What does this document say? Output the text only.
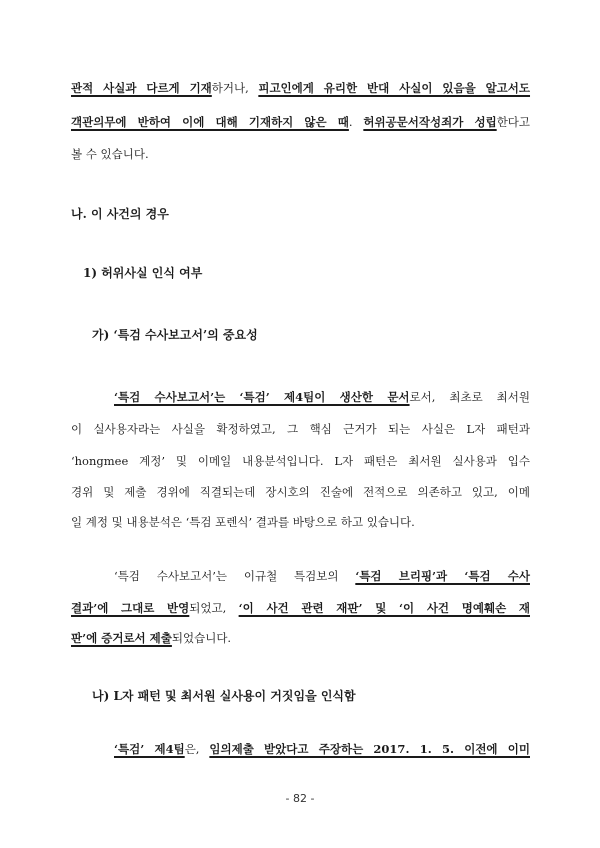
관적 사실과 다르게 기재하거나, 피고인에게 유리한 반대 사실이 있음을 알고서도
객관의무에 반하여 이에 대해 기재하지 않은 때. 허위공문서작성죄가 성립한다고
볼 수 있습니다.
나. 이 사건의 경우
1) 허위사실 인식 여부
가) ‘특검 수사보고서’의 중요성
‘특검 수사보고서’는 ‘특검’ 제4팀이 생산한 문서로서, 최초로 최서원
이 실사용자라는 사실을 확정하였고, 그 핵심 근거가 되는 사실은 L자 패턴과
‘hongmee 계정’ 및 이메일 내용분석입니다. L자 패턴은 최서원 실사용과 입수
경위 및 제출 경위에 직결되는데 장시호의 진술에 전적으로 의존하고 있고, 이메
일 계정 및 내용분석은 ‘특검 포렌식’ 결과를 바탕으로 하고 있습니다.
‘특검 수사보고서’는 이규철 특검보의 ‘특검 브리핑’과 ‘특검 수사
결과’에 그대로 반영되었고, ‘이 사건 관련 재판’ 및 ‘이 사건 명예훼손 재
판’에 증거로서 제출되었습니다.
나) L자 패턴 및 최서원 실사용이 거짓임을 인식함
‘특검’ 제4팀은, 임의제출 받았다고 주장하는 2017. 1. 5. 이전에 이미
- 82 -
